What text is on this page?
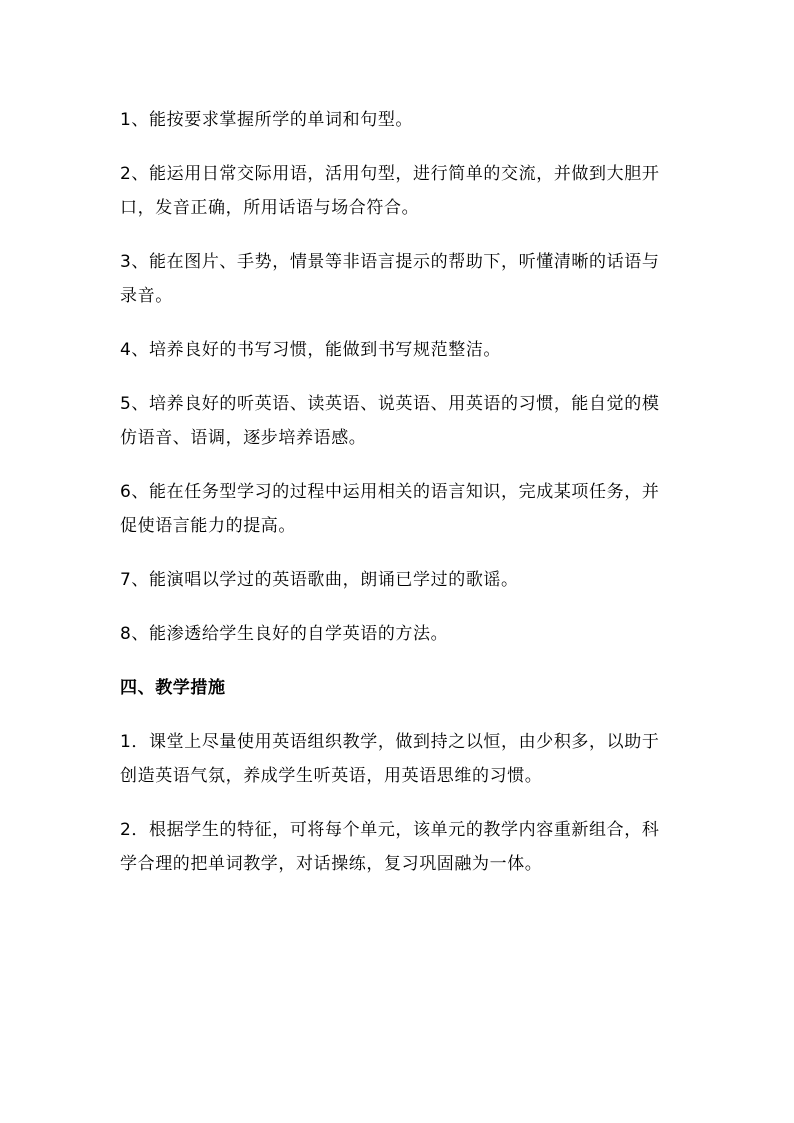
1、能按要求掌握所学的单词和句型。

2、能运用日常交际用语，活用句型，进行简单的交流，并做到大胆开口，发音正确，所用话语与场合符合。

3、能在图片、手势，情景等非语言提示的帮助下，听懂清晰的话语与录音。

4、培养良好的书写习惯，能做到书写规范整洁。

5、培养良好的听英语、读英语、说英语、用英语的习惯，能自觉的模仿语音、语调，逐步培养语感。

6、能在任务型学习的过程中运用相关的语言知识，完成某项任务，并促使语言能力的提高。

7、能演唱以学过的英语歌曲，朗诵已学过的歌谣。

8、能渗透给学生良好的自学英语的方法。

四、教学措施

1．课堂上尽量使用英语组织教学，做到持之以恒，由少积多，以助于创造英语气氛，养成学生听英语，用英语思维的习惯。

2．根据学生的特征，可将每个单元，该单元的教学内容重新组合，科学合理的把单词教学，对话操练，复习巩固融为一体。
